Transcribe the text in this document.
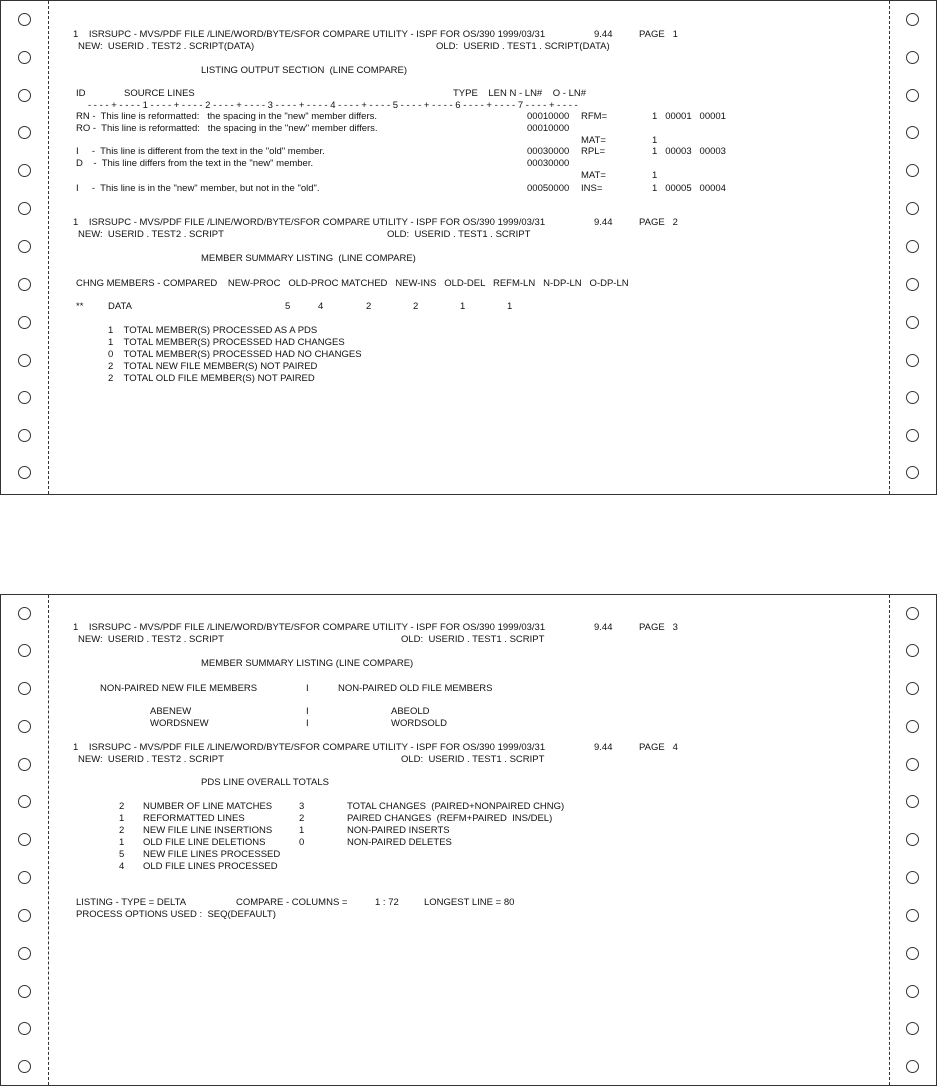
1    ISRSUPC - MVS/PDF FILE /LINE/WORD/BYTE/SFOR COMPARE UTILITY - ISPF FOR OS/390 1999/03/31	9.44	PAGE   1
NEW:  USERID . TEST2 . SCRIPT(DATA)	OLD:  USERID . TEST1 . SCRIPT(DATA)
LISTING OUTPUT SECTION  (LINE COMPARE)
ID	SOURCE LINES	TYPE    LEN N - LN#    O - LN#
- - - - + - - - - 1 - - - - + - - - - 2 - - - - + - - - - 3 - - - - + - - - - 4 - - - - + - - - - 5 - - - - + - - - - 6 - - - - + - - - - 7 - - - - + - - - -
RN -  This line is reformatted:   the spacing in the "new" member differs.	00010000 RFM=	1   00001   00001
RO -  This line is reformatted:   the spacing in the "new" member differs.	00010000
MAT=	1
I     -  This line is different from the text in the "old" member.	00030000 RPL=	1   00003   00003
D    -  This line differs from the text in the "new" member.	00030000
MAT=	1
I     -  This line is in the "new" member, but not in the "old".	00050000 INS=	1   00005   00004
1    ISRSUPC - MVS/PDF FILE /LINE/WORD/BYTE/SFOR COMPARE UTILITY - ISPF FOR OS/390 1999/03/31	9.44	PAGE   2
NEW:  USERID . TEST2 . SCRIPT	OLD:  USERID . TEST1 . SCRIPT
MEMBER SUMMARY LISTING  (LINE COMPARE)
CHNG MEMBERS - COMPARED    NEW-PROC   OLD-PROC MATCHED   NEW-INS   OLD-DEL   REFM-LN   N-DP-LN   O-DP-LN
**	DATA	5	4	2	2	1	1
1    TOTAL MEMBER(S) PROCESSED AS A PDS
1    TOTAL MEMBER(S) PROCESSED HAD CHANGES
0    TOTAL MEMBER(S) PROCESSED HAD NO CHANGES
2    TOTAL NEW FILE MEMBER(S) NOT PAIRED
2    TOTAL OLD FILE MEMBER(S) NOT PAIRED
1    ISRSUPC - MVS/PDF FILE /LINE/WORD/BYTE/SFOR COMPARE UTILITY - ISPF FOR OS/390 1999/03/31	9.44	PAGE   3
NEW:  USERID . TEST2 . SCRIPT	OLD:  USERID . TEST1 . SCRIPT
MEMBER SUMMARY LISTING (LINE COMPARE)
NON-PAIRED NEW FILE MEMBERS	I	NON-PAIRED OLD FILE MEMBERS
ABENEW	I	ABEOLD
WORDSNEW	I	WORDSOLD
1    ISRSUPC - MVS/PDF FILE /LINE/WORD/BYTE/SFOR COMPARE UTILITY - ISPF FOR OS/390 1999/03/31	9.44	PAGE   4
NEW:  USERID . TEST2 . SCRIPT	OLD:  USERID . TEST1 . SCRIPT
PDS LINE OVERALL TOTALS
2 NUMBER OF LINE MATCHES	3	TOTAL CHANGES  (PAIRED+NONPAIRED CHNG)
1 REFORMATTED LINES	2	PAIRED CHANGES  (REFM+PAIRED  INS/DEL)
2 NEW FILE LINE INSERTIONS	1	NON-PAIRED INSERTS
1 OLD FILE LINE DELETIONS	0	NON-PAIRED DELETES
5 NEW FILE LINES PROCESSED
4 OLD FILE LINES PROCESSED
LISTING - TYPE = DELTA	COMPARE - COLUMNS =	1 : 72	LONGEST LINE = 80
PROCESS OPTIONS USED :  SEQ(DEFAULT)
